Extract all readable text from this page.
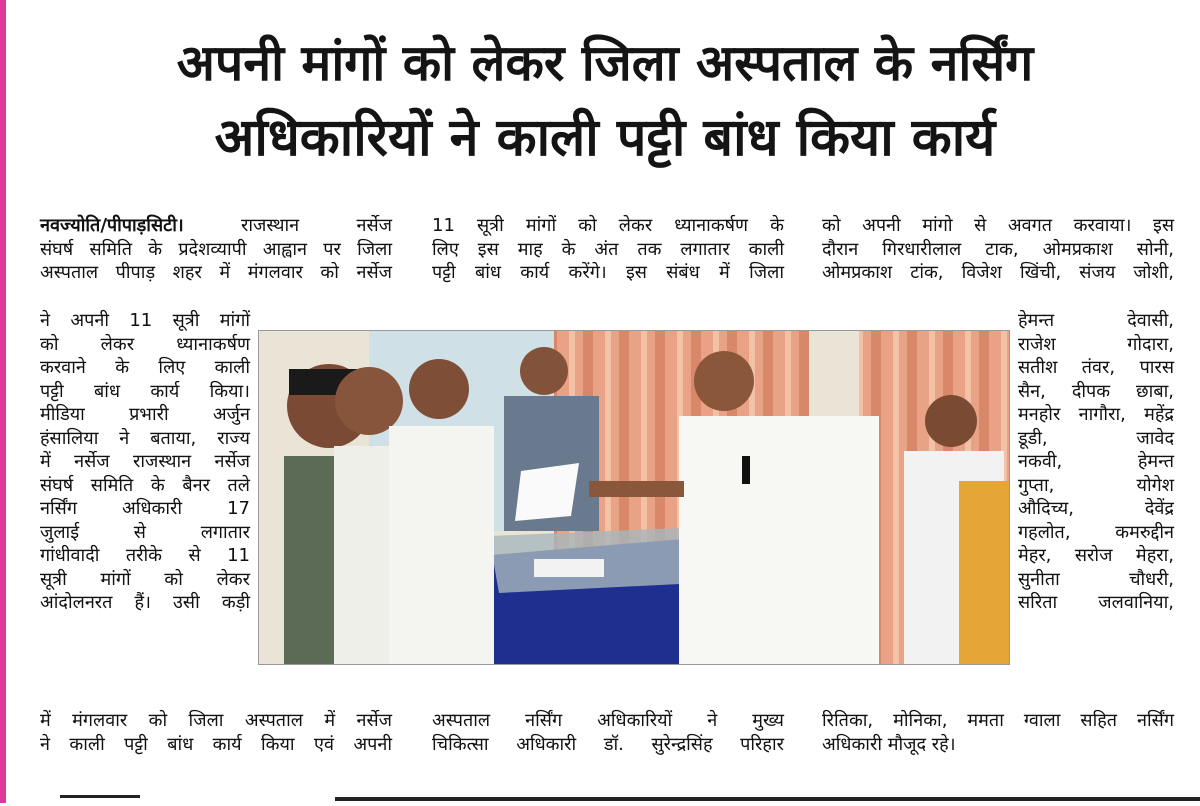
अपनी मांगों को लेकर जिला अस्पताल के नर्सिंग
अधिकारियों ने काली पट्टी बांध किया कार्य
नवज्योति/पीपाड़सिटी। राजस्थान नर्सेज
संघर्ष समिति के प्रदेशव्यापी आह्वान पर जिला
अस्पताल पीपाड़ शहर में मंगलवार को नर्सेज
ने अपनी 11 सूत्री मांगों
को लेकर ध्यानाकर्षण
करवाने के लिए काली
पट्टी बांध कार्य किया।
मीडिया प्रभारी अर्जुन
हंसालिया ने बताया, राज्य
में नर्सेज राजस्थान नर्सेज
संघर्ष समिति के बैनर तले
नर्सिंग अधिकारी 17
जुलाई से लगातार
गांधीवादी तरीके से 11
सूत्री मांगों को लेकर
आंदोलनरत हैं। उसी कड़ी
में मंगलवार को जिला अस्पताल में नर्सेज
ने काली पट्टी बांध कार्य किया एवं अपनी
11 सूत्री मांगों को लेकर ध्यानाकर्षण के
लिए इस माह के अंत तक लगातार काली
पट्टी बांध कार्य करेंगे। इस संबंध में जिला
अस्पताल नर्सिंग अधिकारियों ने मुख्य
चिकित्सा अधिकारी डॉ. सुरेन्द्रसिंह परिहार
को अपनी मांगो से अवगत करवाया। इस
दौरान गिरधारीलाल टाक, ओमप्रकाश सोनी,
ओमप्रकाश टांक, विजेश खिंची, संजय जोशी,
हेमन्त देवासी,
राजेश गोदारा,
सतीश तंवर, पारस
सैन, दीपक छाबा,
मनहोर नागौरा, महेंद्र
डूडी, जावेद
नकवी, हेमन्त
गुप्ता, योगेश
औदिच्य, देवेंद्र
गहलोत, कमरुद्दीन
मेहर, सरोज मेहरा,
सुनीता चौधरी,
सरिता जलवानिया,
रितिका, मोनिका, ममता ग्वाला सहित नर्सिंग
अधिकारी मौजूद रहे।
